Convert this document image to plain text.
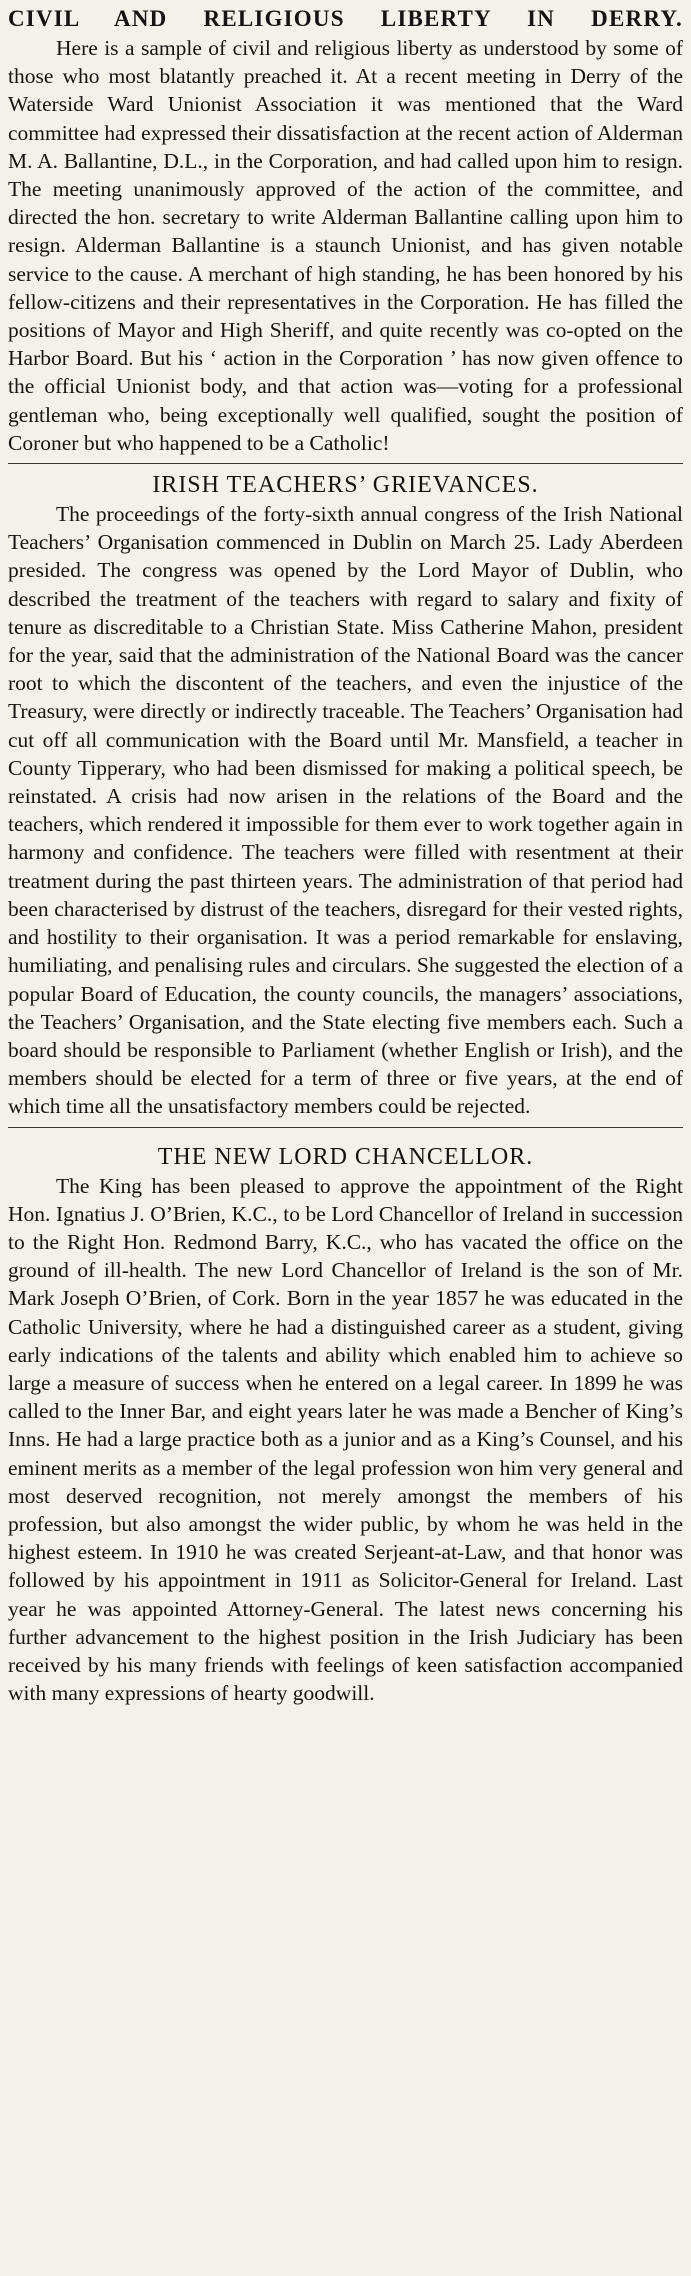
CIVIL AND RELIGIOUS LIBERTY IN DERRY.

Here is a sample of civil and religious liberty as understood by some of those who most blatantly preached it. At a recent meeting in Derry of the Waterside Ward Unionist Association it was mentioned that the Ward committee had expressed their dissatisfaction at the recent action of Alderman M. A. Ballantine, D.L., in the Corporation, and had called upon him to resign. The meeting unanimously approved of the action of the committee, and directed the hon. secretary to write Alderman Ballantine calling upon him to resign. Alderman Ballantine is a staunch Unionist, and has given notable service to the cause. A merchant of high standing, he has been honored by his fellow-citizens and their representatives in the Corporation. He has filled the positions of Mayor and High Sheriff, and quite recently was co-opted on the Harbor Board. But his ‘ action in the Corporation ’ has now given offence to the official Unionist body, and that action was—voting for a professional gentleman who, being exceptionally well qualified, sought the position of Coroner but who happened to be a Catholic!

IRISH TEACHERS’ GRIEVANCES.

The proceedings of the forty-sixth annual congress of the Irish National Teachers’ Organisation commenced in Dublin on March 25. Lady Aberdeen presided. The congress was opened by the Lord Mayor of Dublin, who described the treatment of the teachers with regard to salary and fixity of tenure as discreditable to a Christian State. Miss Catherine Mahon, president for the year, said that the administration of the National Board was the cancer root to which the discontent of the teachers, and even the injustice of the Treasury, were directly or indirectly traceable. The Teachers’ Organisation had cut off all communication with the Board until Mr. Mansfield, a teacher in County Tipperary, who had been dismissed for making a political speech, be reinstated. A crisis had now arisen in the relations of the Board and the teachers, which rendered it impossible for them ever to work together again in harmony and confidence. The teachers were filled with resentment at their treatment during the past thirteen years. The administration of that period had been characterised by distrust of the teachers, disregard for their vested rights, and hostility to their organisation. It was a period remarkable for enslaving, humiliating, and penalising rules and circulars. She suggested the election of a popular Board of Education, the county councils, the managers’ associations, the Teachers’ Organisation, and the State electing five members each. Such a board should be responsible to Parliament (whether English or Irish), and the members should be elected for a term of three or five years, at the end of which time all the unsatisfactory members could be rejected.

THE NEW LORD CHANCELLOR.

The King has been pleased to approve the appointment of the Right Hon. Ignatius J. O’Brien, K.C., to be Lord Chancellor of Ireland in succession to the Right Hon. Redmond Barry, K.C., who has vacated the office on the ground of ill-health. The new Lord Chancellor of Ireland is the son of Mr. Mark Joseph O’Brien, of Cork. Born in the year 1857 he was educated in the Catholic University, where he had a distinguished career as a student, giving early indications of the talents and ability which enabled him to achieve so large a measure of success when he entered on a legal career. In 1899 he was called to the Inner Bar, and eight years later he was made a Bencher of King’s Inns. He had a large practice both as a junior and as a King’s Counsel, and his eminent merits as a member of the legal profession won him very general and most deserved recognition, not merely amongst the members of his profession, but also amongst the wider public, by whom he was held in the highest esteem. In 1910 he was created Serjeant-at-Law, and that honor was followed by his appointment in 1911 as Solicitor-General for Ireland. Last year he was appointed Attorney-General. The latest news concerning his further advancement to the highest position in the Irish Judiciary has been received by his many friends with feelings of keen satisfaction accompanied with many expressions of hearty goodwill.
